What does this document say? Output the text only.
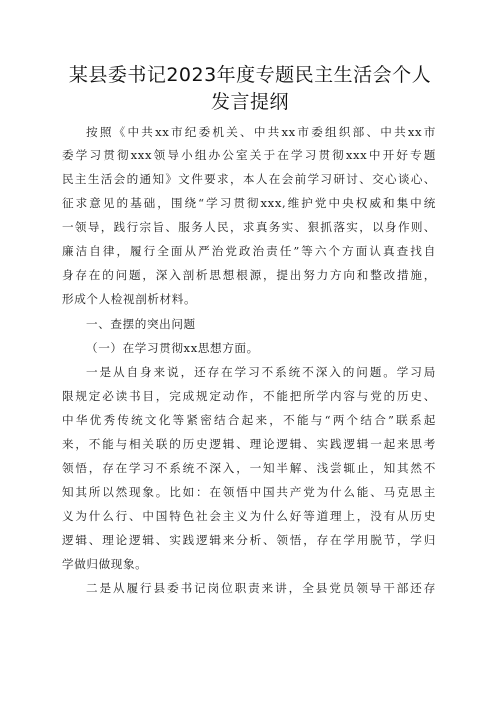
某县委书记2023年度专题民主生活会个人
发言提纲
按照《中共xx市纪委机关、中共xx市委组织部、中共xx市
委学习贯彻xxx领导小组办公室关于在学习贯彻xxx中开好专题
民主生活会的通知》文件要求，本人在会前学习研讨、交心谈心、
征求意见的基础，围绕“学习贯彻xxx,维护党中央权威和集中统
一领导，践行宗旨、服务人民，求真务实、狠抓落实，以身作则、
廉洁自律，履行全面从严治党政治责任”等六个方面认真查找自
身存在的问题，深入剖析思想根源，提出努力方向和整改措施，
形成个人检视剖析材料。
一、查摆的突出问题
（一）在学习贯彻xx思想方面。
一是从自身来说，还存在学习不系统不深入的问题。学习局
限规定必读书目，完成规定动作，不能把所学内容与党的历史、
中华优秀传统文化等紧密结合起来，不能与“两个结合”联系起
来，不能与相关联的历史逻辑、理论逻辑、实践逻辑一起来思考
领悟，存在学习不系统不深入，一知半解、浅尝辄止，知其然不
知其所以然现象。比如：在领悟中国共产党为什么能、马克思主
义为什么行、中国特色社会主义为什么好等道理上，没有从历史
逻辑、理论逻辑、实践逻辑来分析、领悟，存在学用脱节，学归
学做归做现象。
二是从履行县委书记岗位职责来讲，全县党员领导干部还存
